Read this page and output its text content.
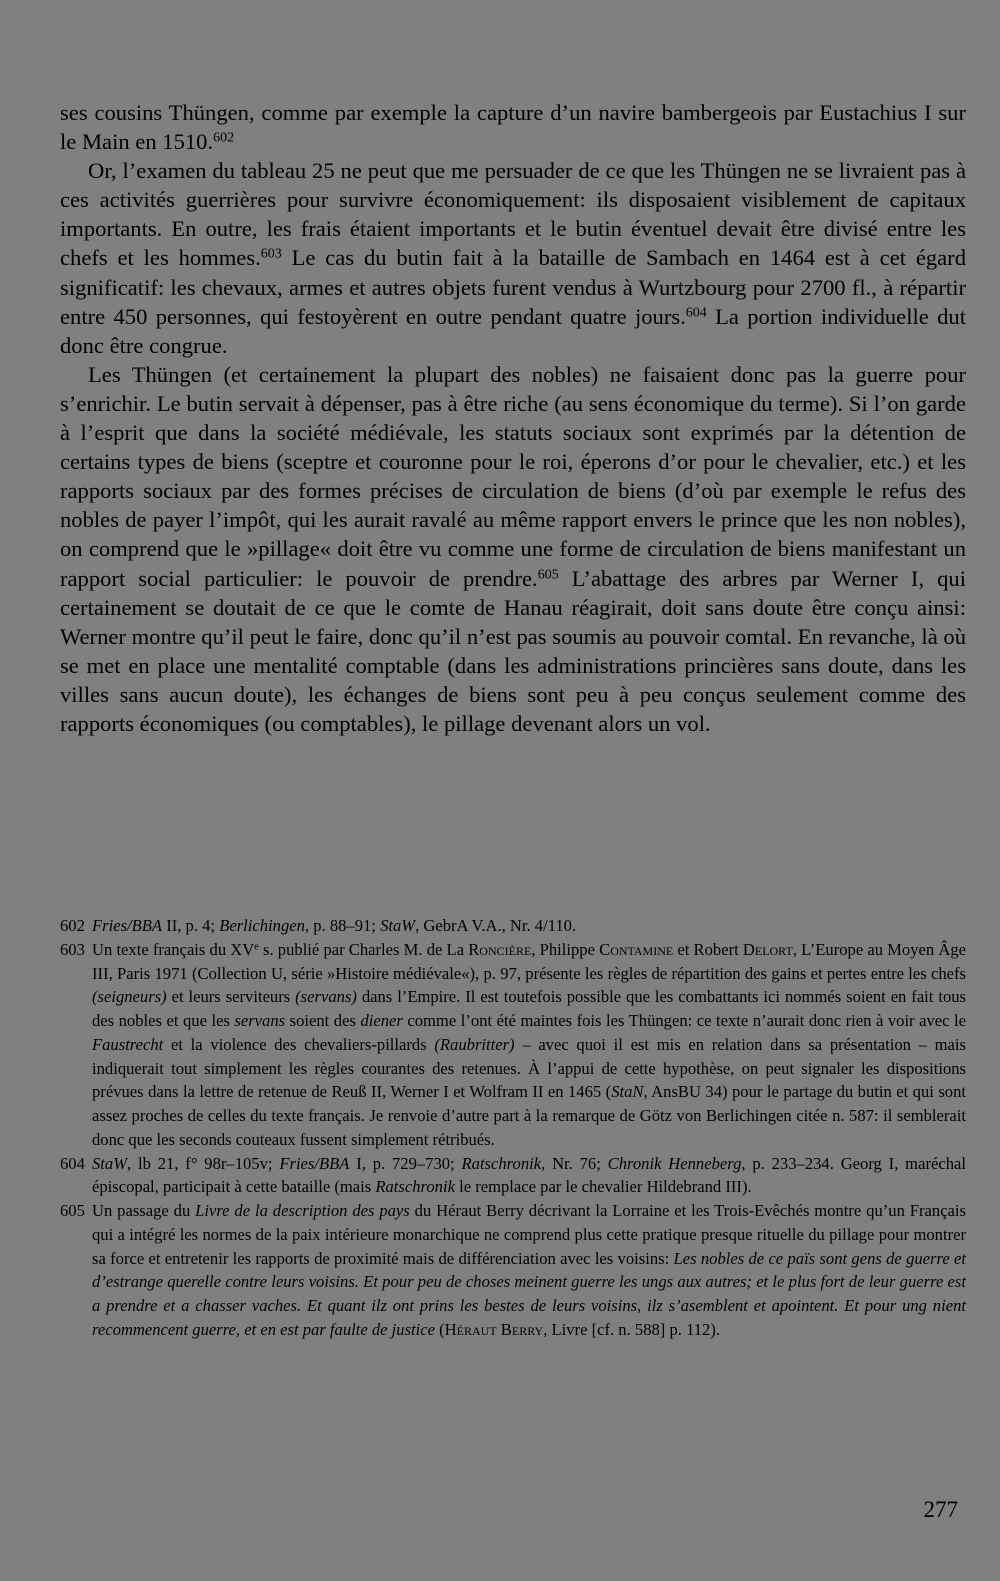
ses cousins Thüngen, comme par exemple la capture d’un navire bambergeois par Eustachius I sur le Main en 1510.$^{602}$

Or, l’examen du tableau 25 ne peut que me persuader de ce que les Thüngen ne se livraient pas à ces activités guerrières pour survivre économiquement: ils disposaient visiblement de capitaux importants. En outre, les frais étaient importants et le butin éventuel devait être divisé entre les chefs et les hommes.$^{603}$ Le cas du butin fait à la bataille de Sambach en 1464 est à cet égard significatif: les chevaux, armes et autres objets furent vendus à Wurtzbourg pour 2700 fl., à répartir entre 450 personnes, qui festoyèrent en outre pendant quatre jours.$^{604}$ La portion individuelle dut donc être congrue.

Les Thüngen (et certainement la plupart des nobles) ne faisaient donc pas la guerre pour s’enrichir. Le butin servait à dépenser, pas à être riche (au sens économique du terme). Si l’on garde à l’esprit que dans la société médiévale, les statuts sociaux sont exprimés par la détention de certains types de biens (sceptre et couronne pour le roi, éperons d’or pour le chevalier, etc.) et les rapports sociaux par des formes précises de circulation de biens (d’où par exemple le refus des nobles de payer l’impôt, qui les aurait ravalé au même rapport envers le prince que les non nobles), on comprend que le »pillage« doit être vu comme une forme de circulation de biens manifestant un rapport social particulier: le pouvoir de prendre.$^{605}$ L’abattage des arbres par Werner I, qui certainement se doutait de ce que le comte de Hanau réagirait, doit sans doute être conçu ainsi: Werner montre qu’il peut le faire, donc qu’il n’est pas soumis au pouvoir comtal. En revanche, là où se met en place une mentalité comptable (dans les administrations princières sans doute, dans les villes sans aucun doute), les échanges de biens sont peu à peu conçus seulement comme des rapports économiques (ou comptables), le pillage devenant alors un vol.

602 Fries/BBA II, p. 4; Berlichingen, p. 88–91; StaW, GebrA V.A., Nr. 4/110.
603 Un texte français du XVe s. publié par Charles M. de La Roncière, Philippe Contamine et Robert Delort, L’Europe au Moyen Âge III, Paris 1971 (Collection U, série »Histoire médiévale«), p. 97, présente les règles de répartition des gains et pertes entre les chefs (seigneurs) et leurs serviteurs (servans) dans l’Empire. Il est toutefois possible que les combattants ici nommés soient en fait tous des nobles et que les servans soient des diener comme l’ont été maintes fois les Thüngen: ce texte n’aurait donc rien à voir avec le Faustrecht et la violence des chevaliers-pillards (Raubritter) – avec quoi il est mis en relation dans sa présentation – mais indiquerait tout simplement les règles courantes des retenues. À l’appui de cette hypothèse, on peut signaler les dispositions prévues dans la lettre de retenue de Reuß II, Werner I et Wolfram II en 1465 (StaN, AnsBU 34) pour le partage du butin et qui sont assez proches de celles du texte français. Je renvoie d’autre part à la remarque de Götz von Berlichingen citée n. 587: il semblerait donc que les seconds couteaux fussent simplement rétribués.
604 StaW, lb 21, f° 98r–105v; Fries/BBA I, p. 729–730; Ratschronik, Nr. 76; Chronik Henneberg, p. 233–234. Georg I, maréchal épiscopal, participait à cette bataille (mais Ratschronik le remplace par le chevalier Hildebrand III).
605 Un passage du Livre de la description des pays du Héraut Berry décrivant la Lorraine et les Trois-Evêchés montre qu’un Français qui a intégré les normes de la paix intérieure monarchique ne comprend plus cette pratique presque rituelle du pillage pour montrer sa force et entretenir les rapports de proximité mais de différenciation avec les voisins: Les nobles de ce païs sont gens de guerre et d’estrange querelle contre leurs voisins. Et pour peu de choses meinent guerre les ungs aux autres; et le plus fort de leur guerre est a prendre et a chasser vaches. Et quant ilz ont prins les bestes de leurs voisins, ilz s’asemblent et apointent. Et pour ung nient recommencent guerre, et en est par faulte de justice (Héraut Berry, Livre [cf. n. 588] p. 112).
277
